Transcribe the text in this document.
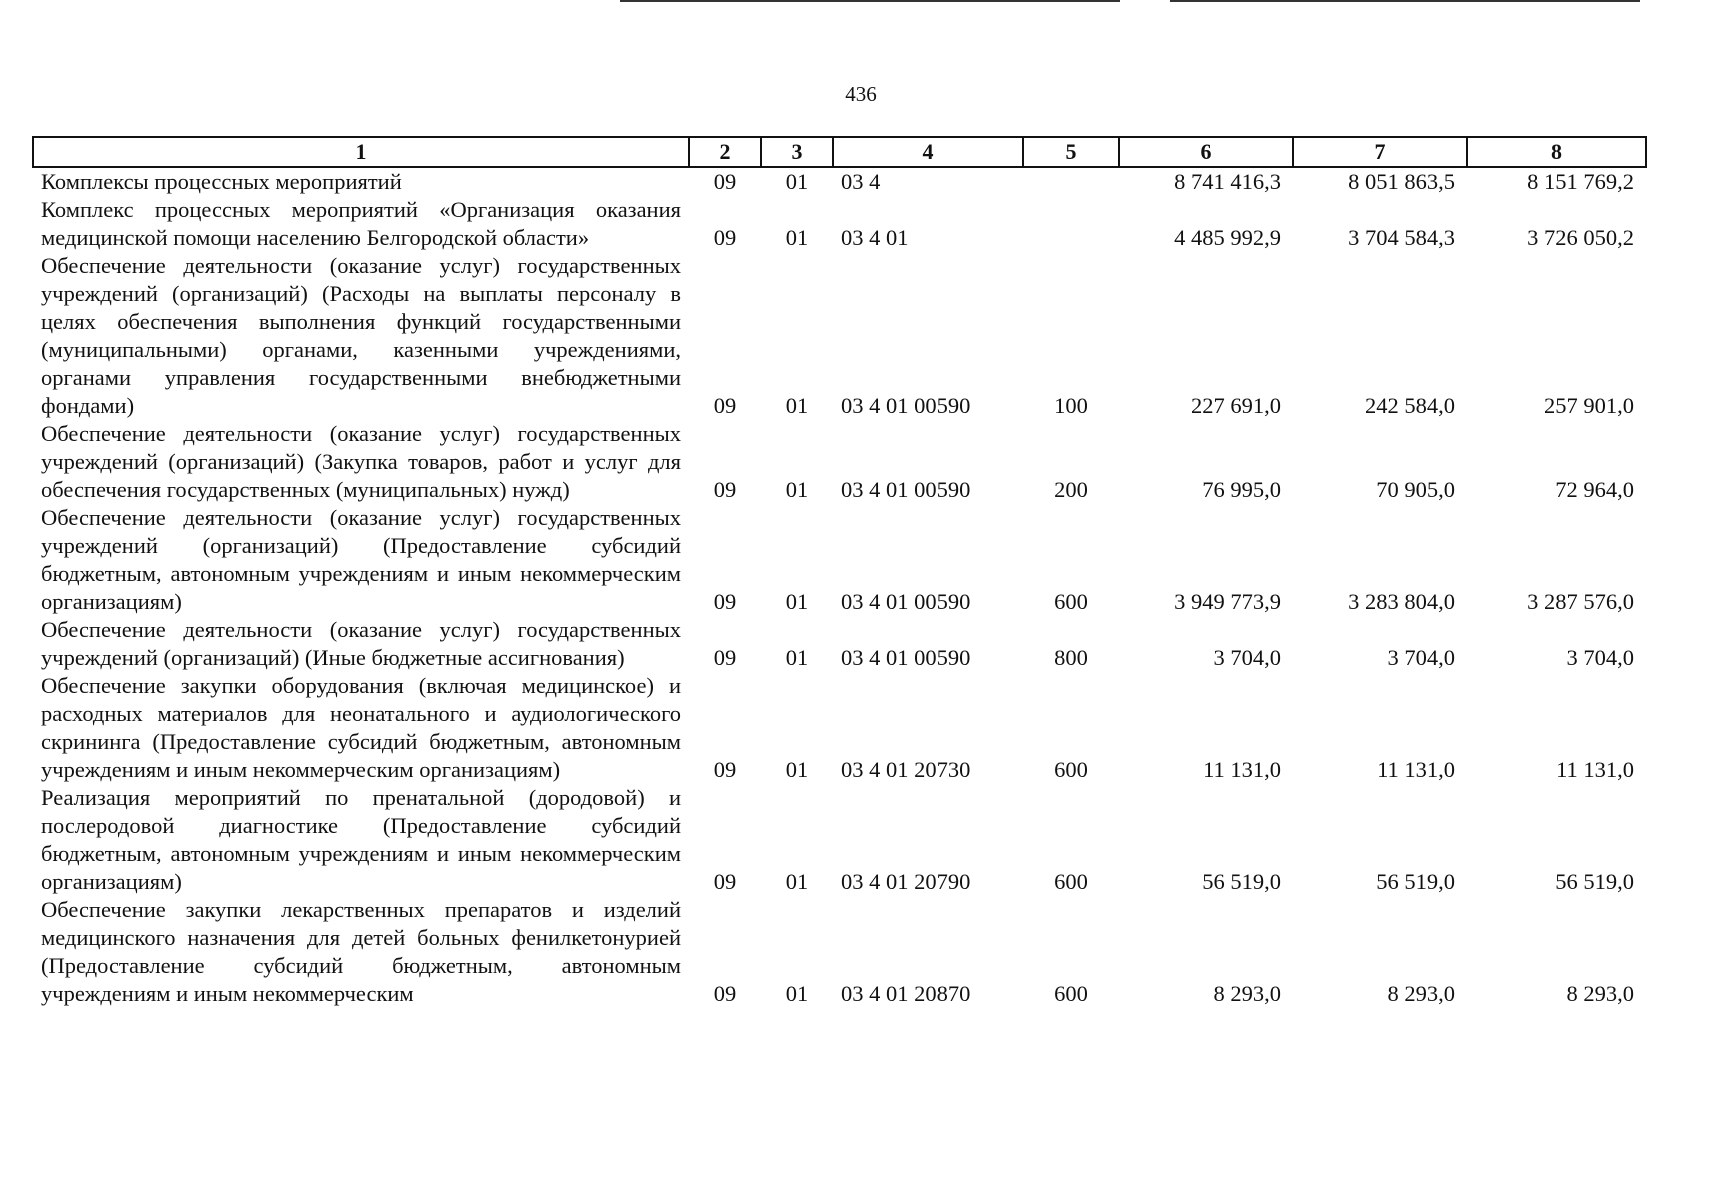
436
1	2	3	4	5	6	7	8
Комплексы процессных мероприятий	09	01	03 4		8 741 416,3	8 051 863,5	8 151 769,2
Комплекс процессных мероприятий «Организация оказания медицинской помощи населению Белгородской области»	09	01	03 4 01		4 485 992,9	3 704 584,3	3 726 050,2
Обеспечение деятельности (оказание услуг) государственных учреждений (организаций) (Расходы на выплаты персоналу в целях обеспечения выполнения функций государственными (муниципальными) органами, казенными учреждениями, органами управления государственными внебюджетными фондами)	09	01	03 4 01 00590	100	227 691,0	242 584,0	257 901,0
Обеспечение деятельности (оказание услуг) государственных учреждений (организаций) (Закупка товаров, работ и услуг для обеспечения государственных (муниципальных) нужд)	09	01	03 4 01 00590	200	76 995,0	70 905,0	72 964,0
Обеспечение деятельности (оказание услуг) государственных учреждений (организаций) (Предоставление субсидий бюджетным, автономным учреждениям и иным некоммерческим организациям)	09	01	03 4 01 00590	600	3 949 773,9	3 283 804,0	3 287 576,0
Обеспечение деятельности (оказание услуг) государственных учреждений (организаций) (Иные бюджетные ассигнования)	09	01	03 4 01 00590	800	3 704,0	3 704,0	3 704,0
Обеспечение закупки оборудования (включая медицинское) и расходных материалов для неонатального и аудиологического скрининга (Предоставление субсидий бюджетным, автономным учреждениям и иным некоммерческим организациям)	09	01	03 4 01 20730	600	11 131,0	11 131,0	11 131,0
Реализация мероприятий по пренатальной (дородовой) и послеродовой диагностике (Предоставление субсидий бюджетным, автономным учреждениям и иным некоммерческим организациям)	09	01	03 4 01 20790	600	56 519,0	56 519,0	56 519,0
Обеспечение закупки лекарственных препаратов и изделий медицинского назначения для детей больных фенилкетонурией (Предоставление субсидий бюджетным, автономным учреждениям и иным некоммерческим	09	01	03 4 01 20870	600	8 293,0	8 293,0	8 293,0
